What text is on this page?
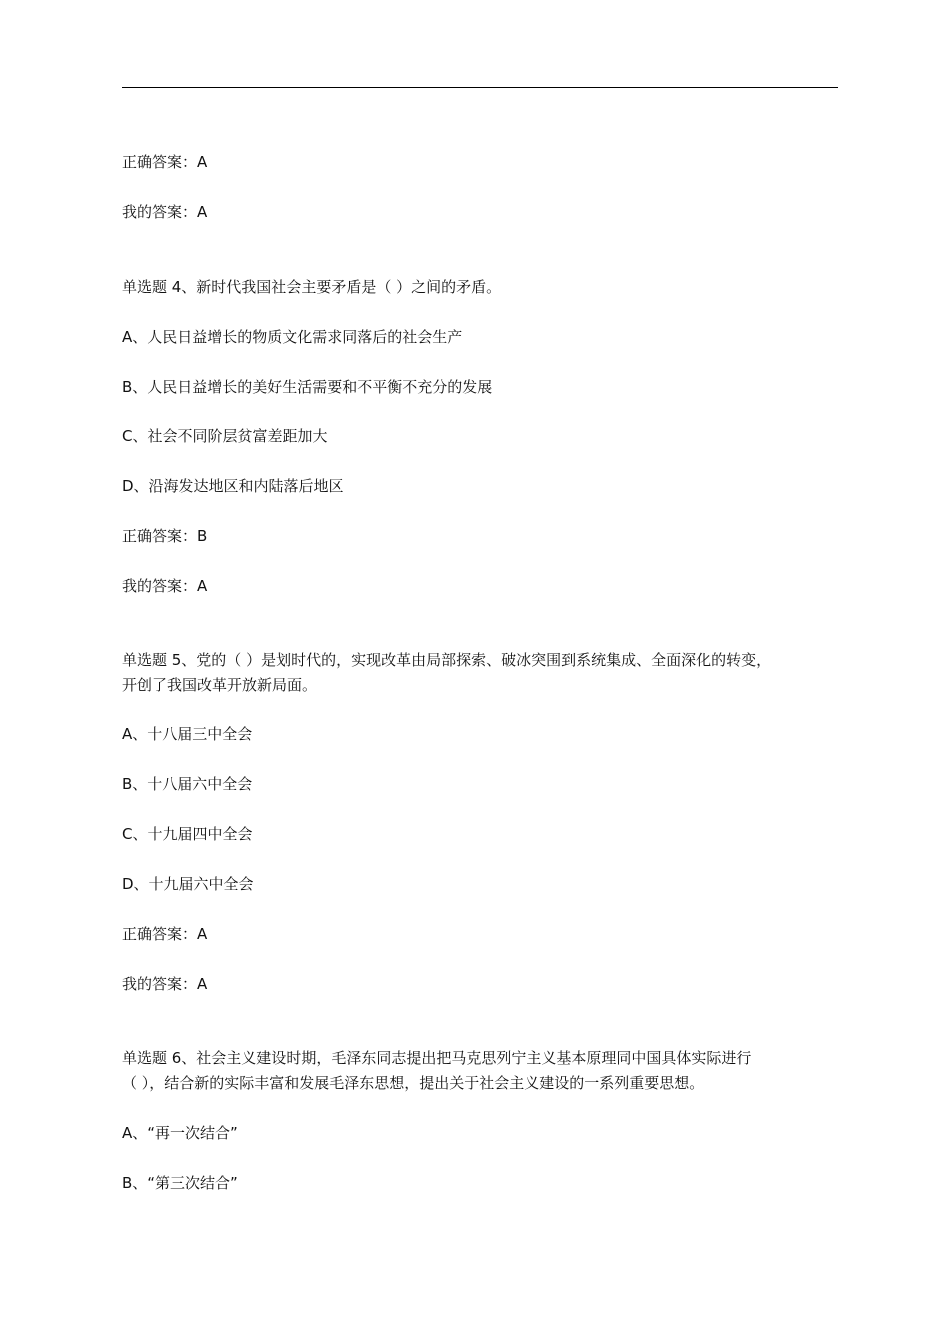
正确答案：A
我的答案：A
单选题 4、新时代我国社会主要矛盾是（ ）之间的矛盾。
A、人民日益增长的物质文化需求同落后的社会生产
B、人民日益增长的美好生活需要和不平衡不充分的发展
C、社会不同阶层贫富差距加大
D、沿海发达地区和内陆落后地区
正确答案：B
我的答案：A
单选题 5、党的（ ）是划时代的，实现改革由局部探索、破冰突围到系统集成、全面深化的转变，
开创了我国改革开放新局面。
A、十八届三中全会
B、十八届六中全会
C、十九届四中全会
D、十九届六中全会
正确答案：A
我的答案：A
单选题 6、社会主义建设时期，毛泽东同志提出把马克思列宁主义基本原理同中国具体实际进行
（ ），结合新的实际丰富和发展毛泽东思想，提出关于社会主义建设的一系列重要思想。
A、“再一次结合”
B、“第三次结合”
